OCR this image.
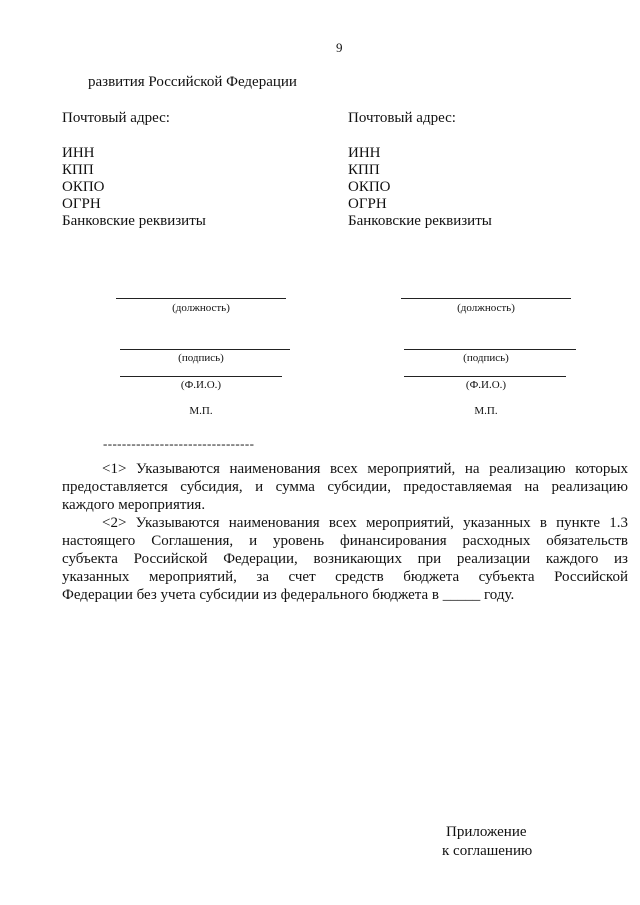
9
развития Российской Федерации
Почтовый адрес:
ИНН
КПП
ОКПО
ОГРН
Банковские реквизиты
Почтовый адрес:
ИНН
КПП
ОКПО
ОГРН
Банковские реквизиты
(должность)
(подпись)
(Ф.И.О.)
М.П.
(должность)
(подпись)
(Ф.И.О.)
М.П.
--------------------------------
<1> Указываются наименования всех мероприятий, на реализацию которых
предоставляется субсидия, и сумма субсидии, предоставляемая на реализацию
каждого мероприятия.
<2> Указываются наименования всех мероприятий, указанных в пункте 1.3
настоящего Соглашения, и уровень финансирования расходных обязательств
субъекта Российской Федерации, возникающих при реализации каждого из
указанных мероприятий, за счет средств бюджета субъекта Российской
Федерации без учета субсидии из федерального бюджета в _____ году.
Приложение
к соглашению
